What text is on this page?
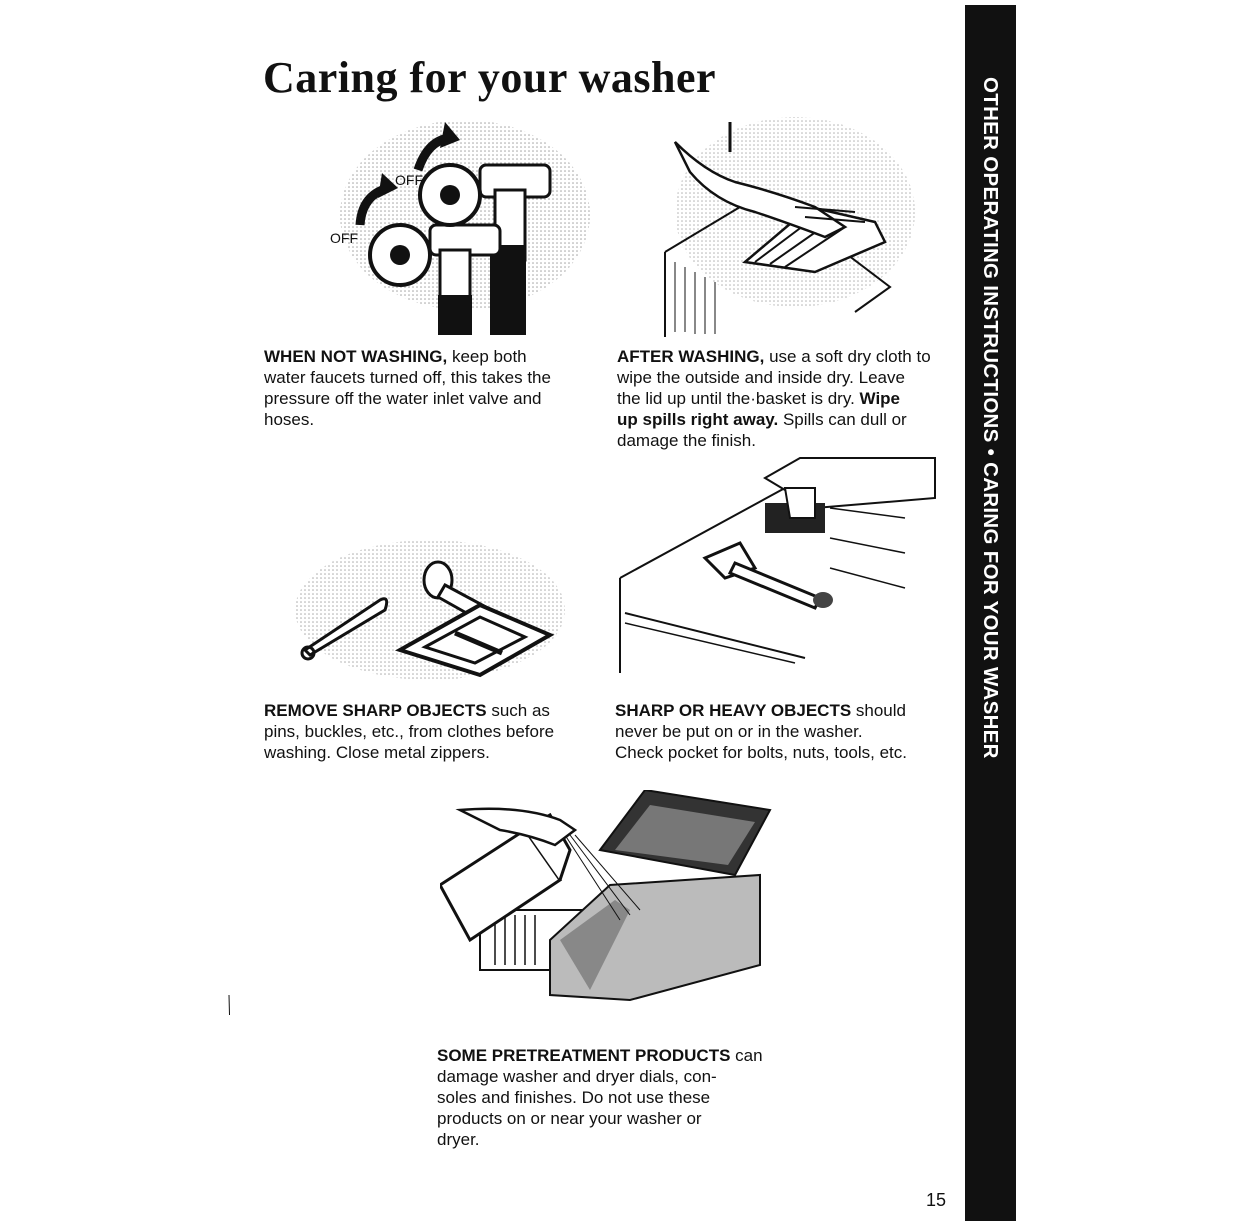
Caring for your washer	OTHER OPERATING INSTRUCTIONS • CARING FOR YOUR WASHER
OFF
OFF

WHEN NOT WASHING, keep both
water faucets turned off, this takes the
pressure off the water inlet valve and
hoses.

AFTER WASHING, use a soft dry cloth to
wipe the outside and inside dry. Leave
the lid up until the·basket is dry. Wipe
up spills right away. Spills can dull or
damage the finish.

REMOVE SHARP OBJECTS such as
pins, buckles, etc., from clothes before
washing. Close metal zippers.

SHARP OR HEAVY OBJECTS should
never be put on or in the washer.
Check pocket for bolts, nuts, tools, etc.

SOME PRETREATMENT PRODUCTS can
damage washer and dryer dials, con-
soles and finishes. Do not use these
products on or near your washer or
dryer.

15
